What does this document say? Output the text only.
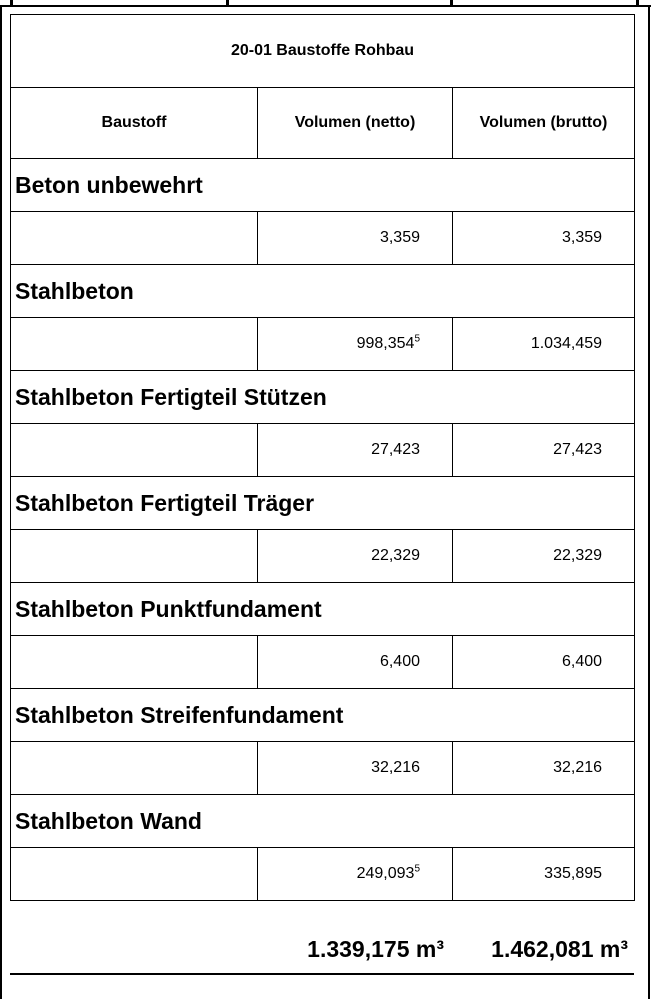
20-01 Baustoffe Rohbau		
Baustoff	Volumen (netto)	Volumen (brutto)
Beton unbewehrt		
	3,359	3,359
Stahlbeton		
	998,354$^5$	1.034,459
Stahlbeton Fertigteil Stützen		
	27,423	27,423
Stahlbeton Fertigteil Träger		
	22,329	22,329
Stahlbeton Punktfundament		
	6,400	6,400
Stahlbeton Streifenfundament		
	32,216	32,216
Stahlbeton Wand		
	249,093$^5$	335,895
1.339,175 m³ 1.462,081 m³
